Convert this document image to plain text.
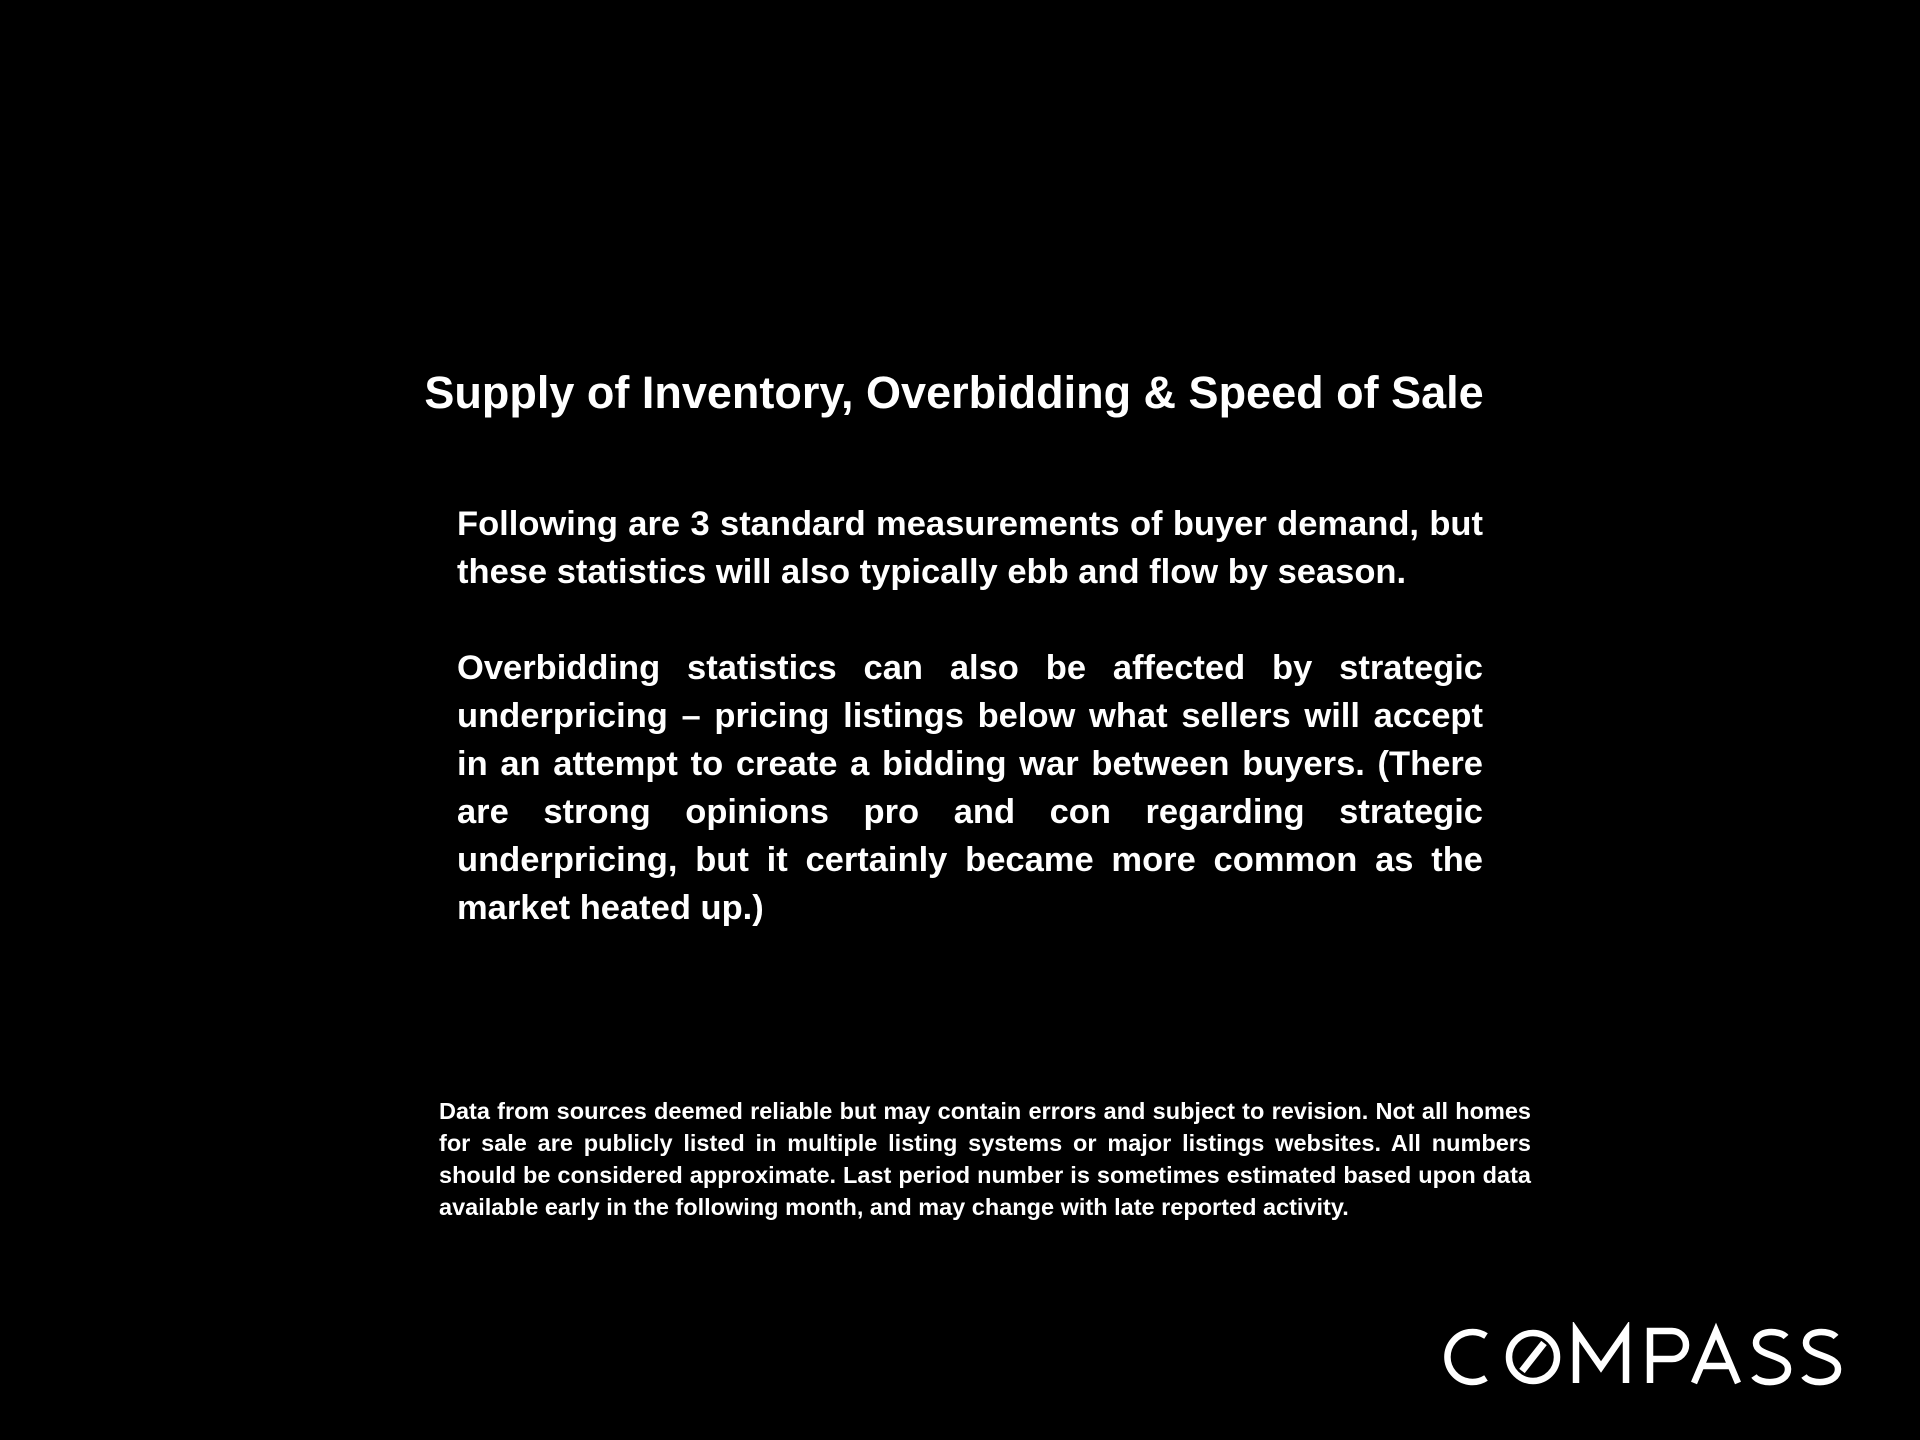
Supply of Inventory, Overbidding & Speed of Sale

Following are 3 standard measurements of buyer demand, but these statistics will also typically ebb and flow by season.

Overbidding statistics can also be affected by strategic underpricing – pricing listings below what sellers will accept in an attempt to create a bidding war between buyers. (There are strong opinions pro and con regarding strategic underpricing, but it certainly became more common as the market heated up.)

Data from sources deemed reliable but may contain errors and subject to revision. Not all homes for sale are publicly listed in multiple listing systems or major listings websites. All numbers should be considered approximate. Last period number is sometimes estimated based upon data available early in the following month, and may change with late reported activity.
